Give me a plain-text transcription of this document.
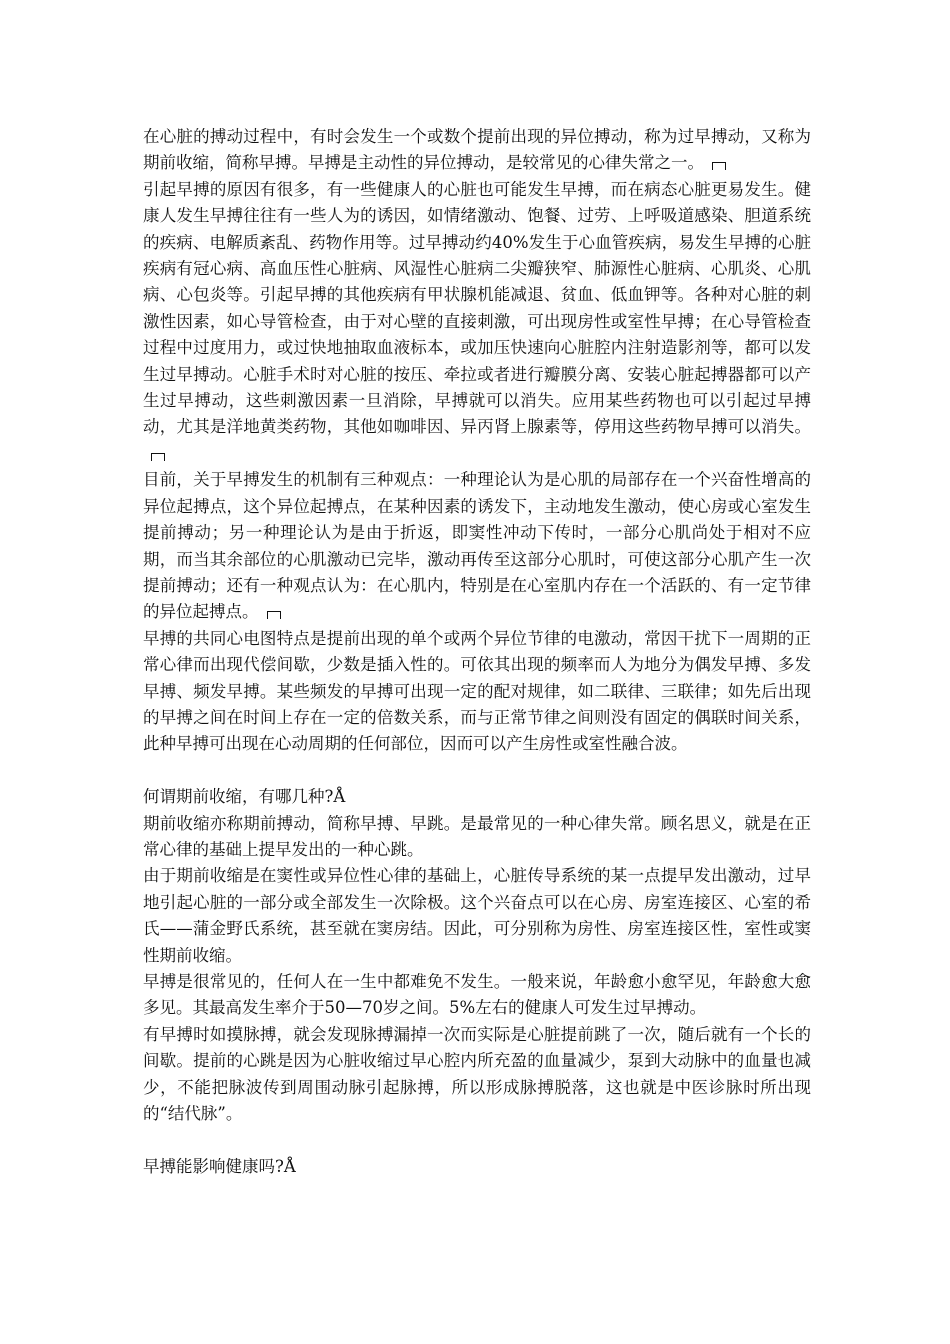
在心脏的搏动过程中，有时会发生一个或数个提前出现的异位搏动，称为过早搏动，又称为期前收缩，简称早搏。早搏是主动性的异位搏动，是较常见的心律失常之一。

引起早搏的原因有很多，有一些健康人的心脏也可能发生早搏，而在病态心脏更易发生。健康人发生早搏往往有一些人为的诱因，如情绪激动、饱餐、过劳、上呼吸道感染、胆道系统的疾病、电解质紊乱、药物作用等。过早搏动约40%发生于心血管疾病，易发生早搏的心脏疾病有冠心病、高血压性心脏病、风湿性心脏病二尖瓣狭窄、肺源性心脏病、心肌炎、心肌病、心包炎等。引起早搏的其他疾病有甲状腺机能减退、贫血、低血钾等。各种对心脏的刺激性因素，如心导管检查，由于对心壁的直接刺激，可出现房性或室性早搏；在心导管检查过程中过度用力，或过快地抽取血液标本，或加压快速向心脏腔内注射造影剂等，都可以发生过早搏动。心脏手术时对心脏的按压、牵拉或者进行瓣膜分离、安装心脏起搏器都可以产生过早搏动，这些刺激因素一旦消除，早搏就可以消失。应用某些药物也可以引起过早搏动，尤其是洋地黄类药物，其他如咖啡因、异丙肾上腺素等，停用这些药物早搏可以消失。

目前，关于早搏发生的机制有三种观点：一种理论认为是心肌的局部存在一个兴奋性增高的异位起搏点，这个异位起搏点，在某种因素的诱发下，主动地发生激动，使心房或心室发生提前搏动；另一种理论认为是由于折返，即窦性冲动下传时，一部分心肌尚处于相对不应期，而当其余部位的心肌激动已完毕，激动再传至这部分心肌时，可使这部分心肌产生一次提前搏动；还有一种观点认为：在心肌内，特别是在心室肌内存在一个活跃的、有一定节律的异位起搏点。

早搏的共同心电图特点是提前出现的单个或两个异位节律的电激动，常因干扰下一周期的正常心律而出现代偿间歇，少数是插入性的。可依其出现的频率而人为地分为偶发早搏、多发早搏、频发早搏。某些频发的早搏可出现一定的配对规律，如二联律、三联律；如先后出现的早搏之间在时间上存在一定的倍数关系，而与正常节律之间则没有固定的偶联时间关系，此种早搏可出现在心动周期的任何部位，因而可以产生房性或室性融合波。

何谓期前收缩，有哪几种?Å

期前收缩亦称期前搏动，简称早搏、早跳。是最常见的一种心律失常。顾名思义，就是在正常心律的基础上提早发出的一种心跳。

由于期前收缩是在窦性或异位性心律的基础上，心脏传导系统的某一点提早发出激动，过早地引起心脏的一部分或全部发生一次除极。这个兴奋点可以在心房、房室连接区、心室的希氏——蒲金野氏系统，甚至就在窦房结。因此，可分别称为房性、房室连接区性，室性或窦性期前收缩。

早搏是很常见的，任何人在一生中都难免不发生。一般来说，年龄愈小愈罕见，年龄愈大愈多见。其最高发生率介于50—70岁之间。5%左右的健康人可发生过早搏动。

有早搏时如摸脉搏，就会发现脉搏漏掉一次而实际是心脏提前跳了一次，随后就有一个长的间歇。提前的心跳是因为心脏收缩过早心腔内所充盈的血量减少，泵到大动脉中的血量也减少，不能把脉波传到周围动脉引起脉搏，所以形成脉搏脱落，这也就是中医诊脉时所出现的“结代脉”。

早搏能影响健康吗?Å
